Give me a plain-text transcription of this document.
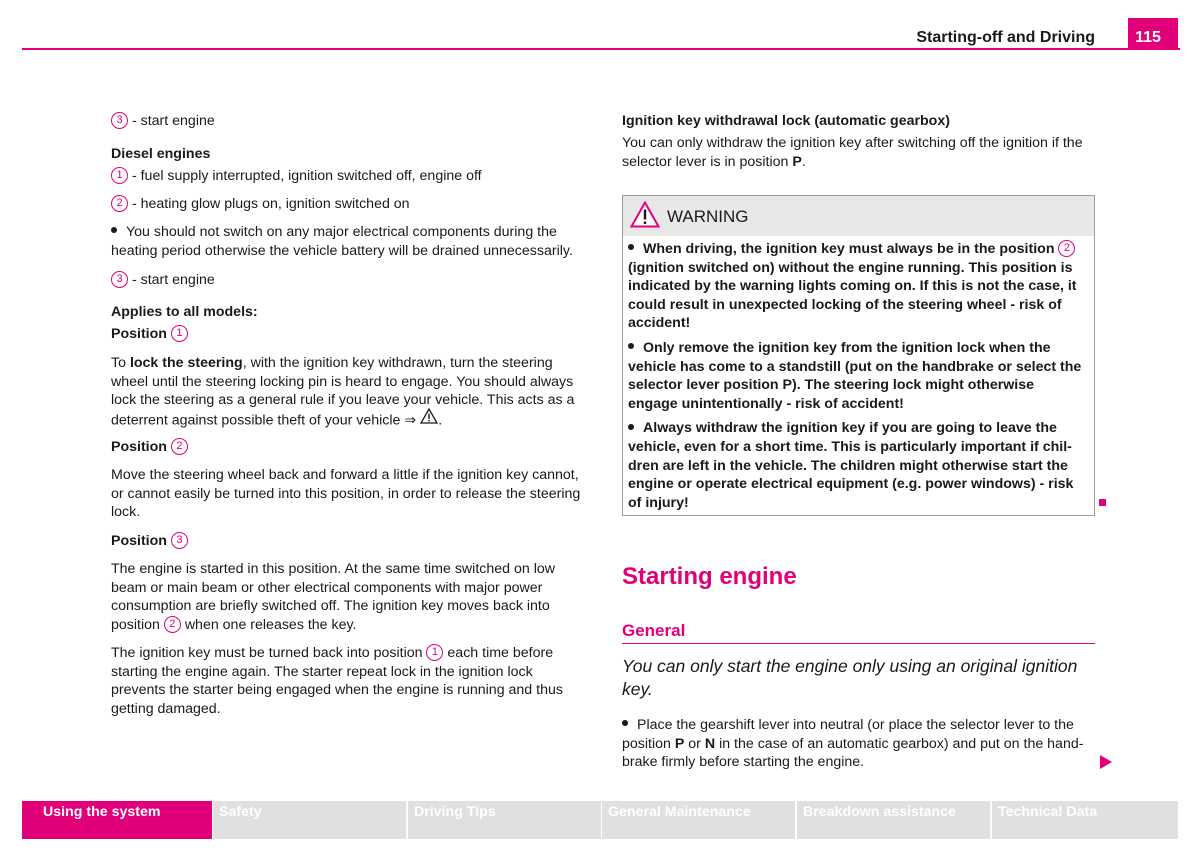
Starting-off and Driving	115
3 - start engine
Diesel engines
1 - fuel supply interrupted, ignition switched off, engine off
2 - heating glow plugs on, ignition switched on
You should not switch on any major electrical components during the heating period otherwise the vehicle battery will be drained unnecessarily.
3 - start engine
Applies to all models:
Position 1
To lock the steering, with the ignition key withdrawn, turn the steering wheel until the steering locking pin is heard to engage. You should always lock the steering as a general rule if you leave your vehicle. This acts as a deterrent against possible theft of your vehicle ⇒ .
Position 2
Move the steering wheel back and forward a little if the ignition key cannot, or cannot easily be turned into this position, in order to release the steering lock.
Position 3
The engine is started in this position. At the same time switched on low beam or main beam or other electrical components with major power consumption are briefly switched off. The ignition key moves back into position 2 when one releases the key.
The ignition key must be turned back into position 1 each time before starting the engine again. The starter repeat lock in the ignition lock prevents the starter being engaged when the engine is running and thus getting damaged.
Ignition key withdrawal lock (automatic gearbox)
You can only withdraw the ignition key after switching off the ignition if the selector lever is in position P.
WARNING

When driving, the ignition key must always be in the position 2 (ignition switched on) without the engine running. This position is indicated by the warning lights coming on. If this is not the case, it could result in unexpected locking of the steering wheel - risk of accident!

Only remove the ignition key from the ignition lock when the vehicle has come to a standstill (put on the handbrake or select the selector lever position P). The steering lock might otherwise engage unintentionally - risk of accident!

Always withdraw the ignition key if you are going to leave the vehicle, even for a short time. This is particularly important if chil-dren are left in the vehicle. The children might otherwise start the engine or operate electrical equipment (e.g. power windows) - risk of injury!

Starting engine
General
You can only start the engine only using an original ignition key.
Place the gearshift lever into neutral (or place the selector lever to the position P or N in the case of an automatic gearbox) and put on the hand-brake firmly before starting the engine.
Using the system	Safety	Driving Tips	General Maintenance	Breakdown assistance	Technical Data
